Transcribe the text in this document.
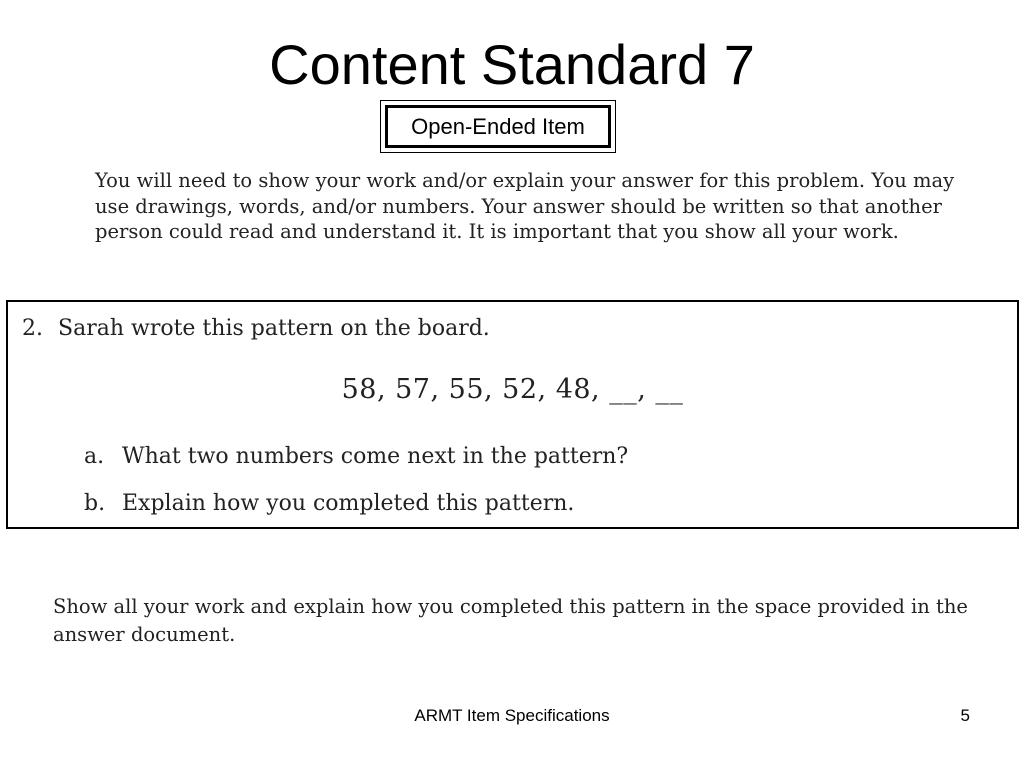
Content Standard 7
Open-Ended Item
You will need to show your work and/or explain your answer for this problem. You may use drawings, words, and/or numbers. Your answer should be written so that another person could read and understand it. It is important that you show all your work.
2. Sarah wrote this pattern on the board.
58, 57, 55, 52, 48, __, __
a. What two numbers come next in the pattern?
b. Explain how you completed this pattern.
Show all your work and explain how you completed this pattern in the space provided in the answer document.
ARMT Item Specifications	5
